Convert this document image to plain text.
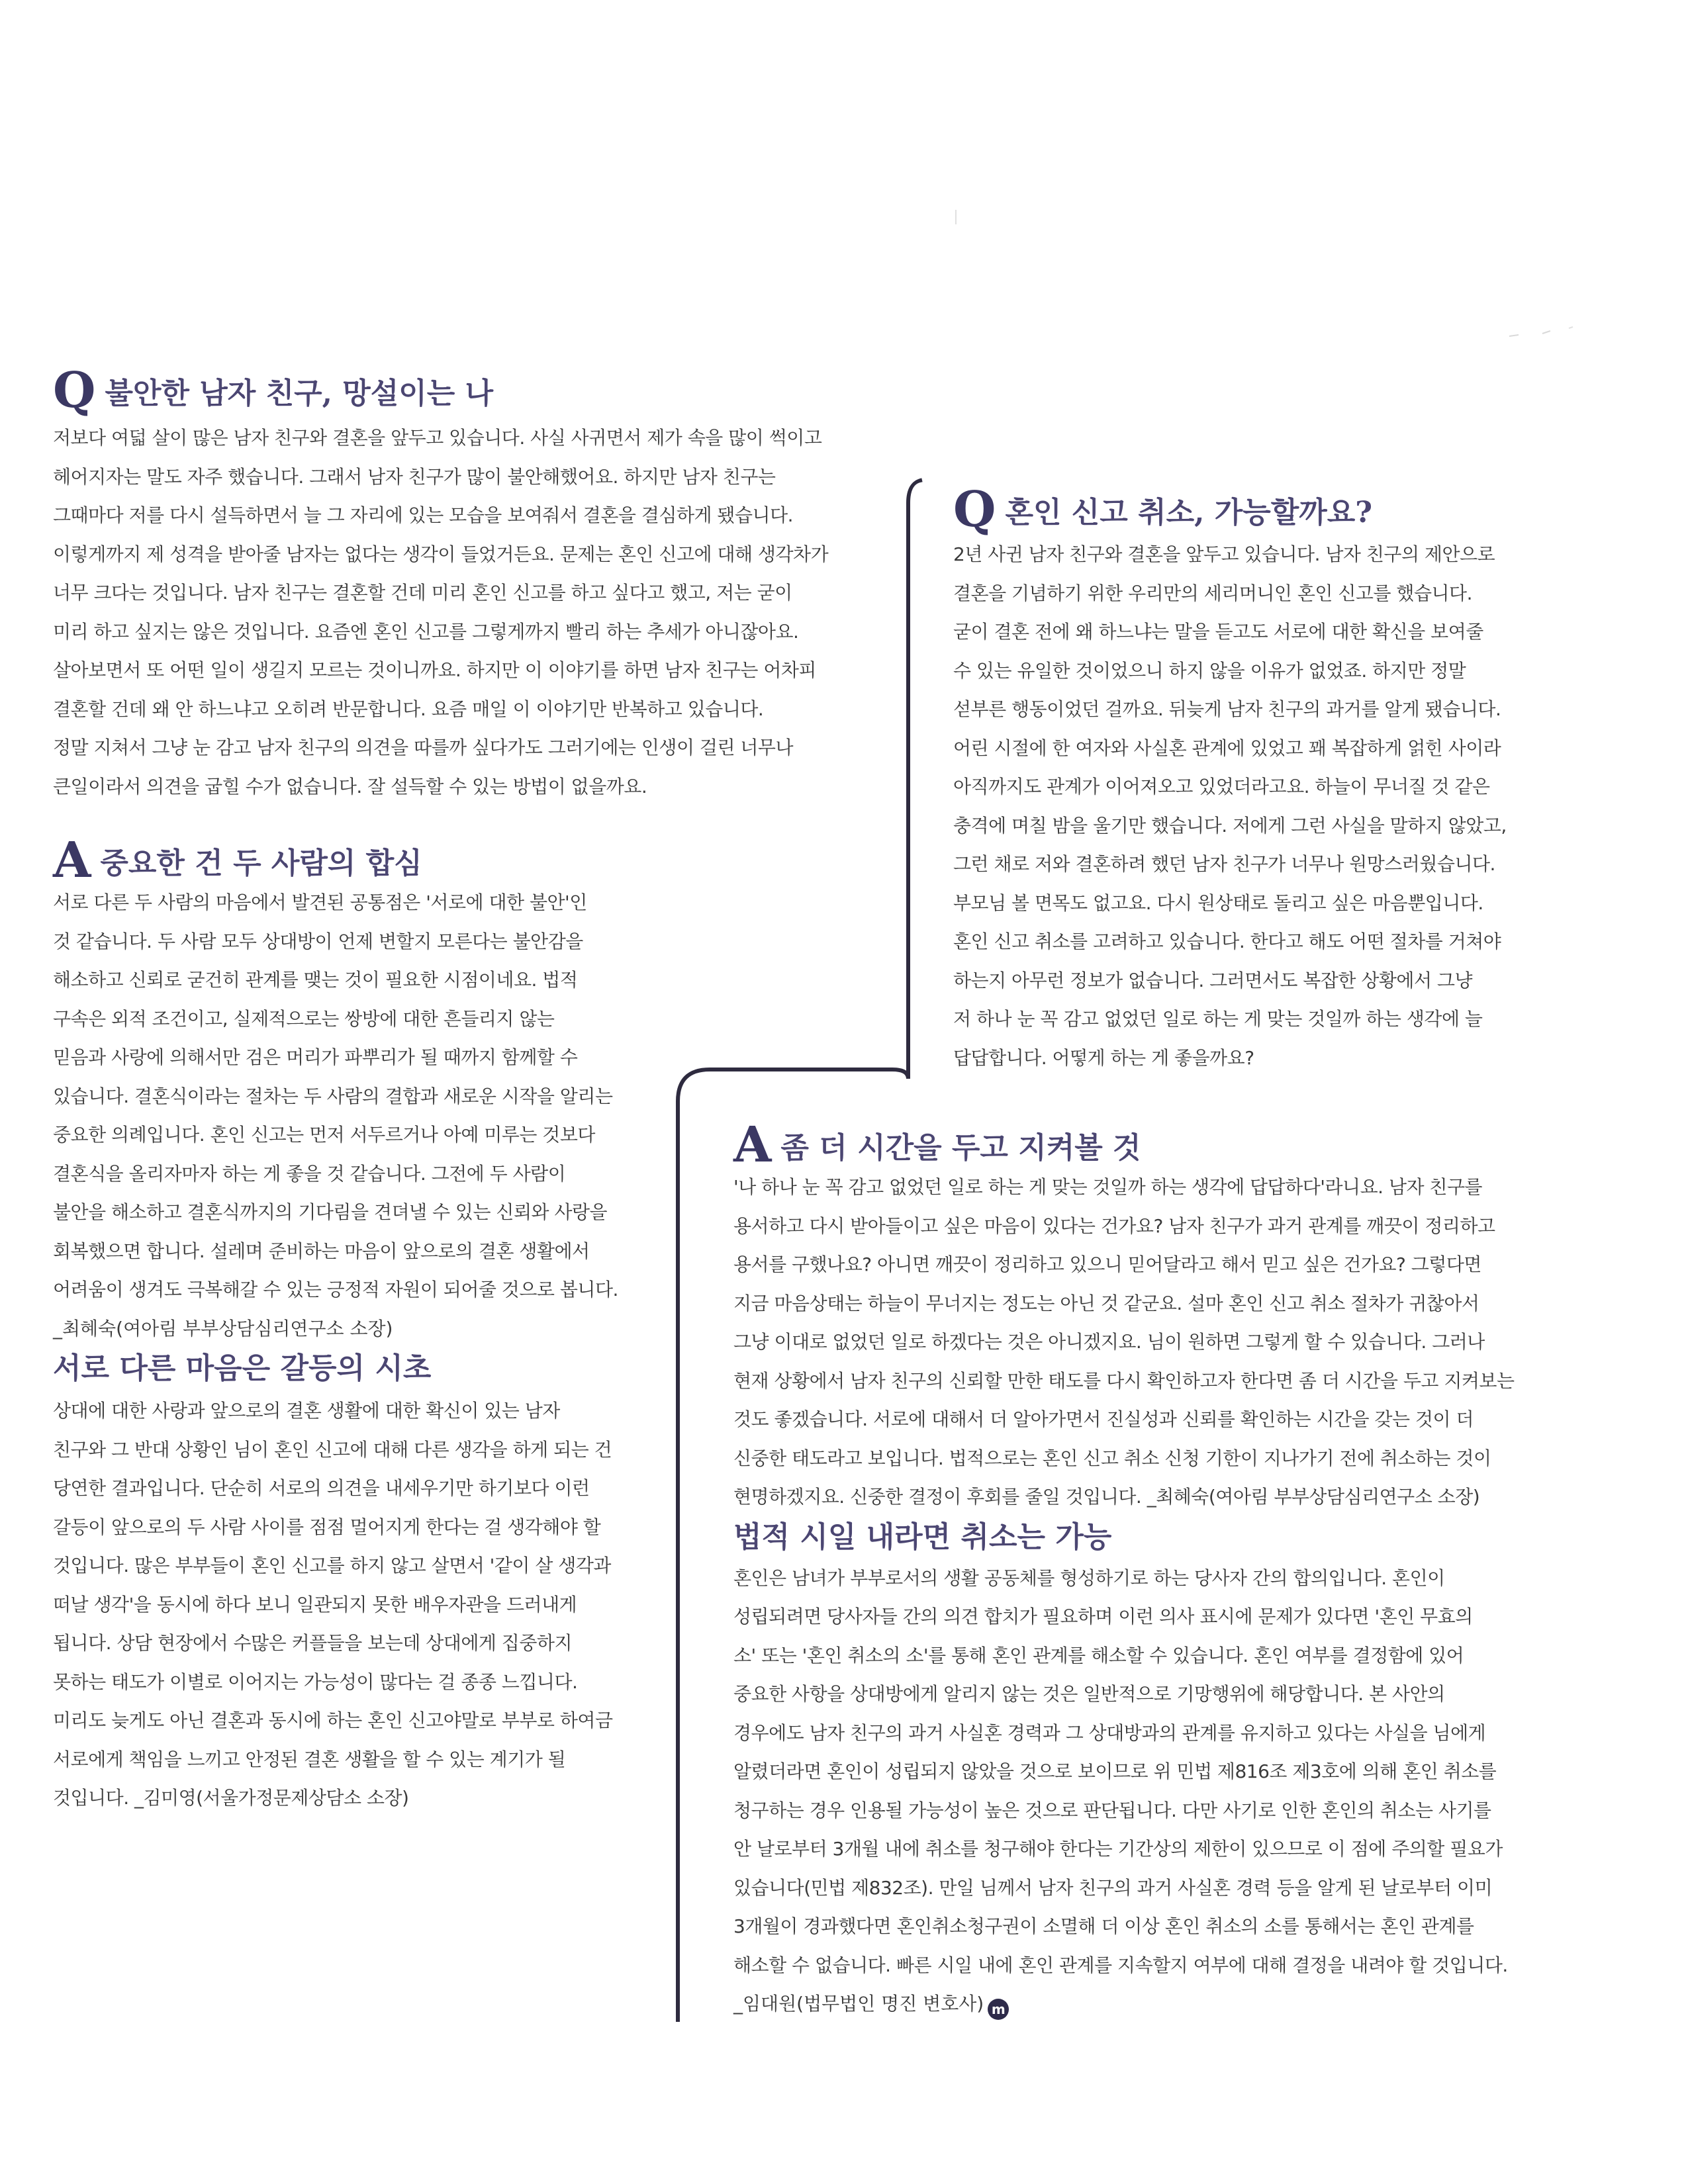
Q불안한 남자 친구, 망설이는 나
저보다 여덟 살이 많은 남자 친구와 결혼을 앞두고 있습니다. 사실 사귀면서 제가 속을 많이 썩이고
헤어지자는 말도 자주 했습니다. 그래서 남자 친구가 많이 불안해했어요. 하지만 남자 친구는
그때마다 저를 다시 설득하면서 늘 그 자리에 있는 모습을 보여줘서 결혼을 결심하게 됐습니다.
이렇게까지 제 성격을 받아줄 남자는 없다는 생각이 들었거든요. 문제는 혼인 신고에 대해 생각차가
너무 크다는 것입니다. 남자 친구는 결혼할 건데 미리 혼인 신고를 하고 싶다고 했고, 저는 굳이
미리 하고 싶지는 않은 것입니다. 요즘엔 혼인 신고를 그렇게까지 빨리 하는 추세가 아니잖아요.
살아보면서 또 어떤 일이 생길지 모르는 것이니까요. 하지만 이 이야기를 하면 남자 친구는 어차피
결혼할 건데 왜 안 하느냐고 오히려 반문합니다. 요즘 매일 이 이야기만 반복하고 있습니다.
정말 지쳐서 그냥 눈 감고 남자 친구의 의견을 따를까 싶다가도 그러기에는 인생이 걸린 너무나
큰일이라서 의견을 굽힐 수가 없습니다. 잘 설득할 수 있는 방법이 없을까요.
A중요한 건 두 사람의 합심
서로 다른 두 사람의 마음에서 발견된 공통점은 '서로에 대한 불안'인
것 같습니다. 두 사람 모두 상대방이 언제 변할지 모른다는 불안감을
해소하고 신뢰로 굳건히 관계를 맺는 것이 필요한 시점이네요. 법적
구속은 외적 조건이고, 실제적으로는 쌍방에 대한 흔들리지 않는
믿음과 사랑에 의해서만 검은 머리가 파뿌리가 될 때까지 함께할 수
있습니다. 결혼식이라는 절차는 두 사람의 결합과 새로운 시작을 알리는
중요한 의례입니다. 혼인 신고는 먼저 서두르거나 아예 미루는 것보다
결혼식을 올리자마자 하는 게 좋을 것 같습니다. 그전에 두 사람이
불안을 해소하고 결혼식까지의 기다림을 견뎌낼 수 있는 신뢰와 사랑을
회복했으면 합니다. 설레며 준비하는 마음이 앞으로의 결혼 생활에서
어려움이 생겨도 극복해갈 수 있는 긍정적 자원이 되어줄 것으로 봅니다.
_최혜숙(여아림 부부상담심리연구소 소장)
서로 다른 마음은 갈등의 시초
상대에 대한 사랑과 앞으로의 결혼 생활에 대한 확신이 있는 남자
친구와 그 반대 상황인 님이 혼인 신고에 대해 다른 생각을 하게 되는 건
당연한 결과입니다. 단순히 서로의 의견을 내세우기만 하기보다 이런
갈등이 앞으로의 두 사람 사이를 점점 멀어지게 한다는 걸 생각해야 할
것입니다. 많은 부부들이 혼인 신고를 하지 않고 살면서 '같이 살 생각과
떠날 생각'을 동시에 하다 보니 일관되지 못한 배우자관을 드러내게
됩니다. 상담 현장에서 수많은 커플들을 보는데 상대에게 집중하지
못하는 태도가 이별로 이어지는 가능성이 많다는 걸 종종 느낍니다.
미리도 늦게도 아닌 결혼과 동시에 하는 혼인 신고야말로 부부로 하여금
서로에게 책임을 느끼고 안정된 결혼 생활을 할 수 있는 계기가 될
것입니다. _김미영(서울가정문제상담소 소장)
Q혼인 신고 취소, 가능할까요?
2년 사귄 남자 친구와 결혼을 앞두고 있습니다. 남자 친구의 제안으로
결혼을 기념하기 위한 우리만의 세리머니인 혼인 신고를 했습니다.
굳이 결혼 전에 왜 하느냐는 말을 듣고도 서로에 대한 확신을 보여줄
수 있는 유일한 것이었으니 하지 않을 이유가 없었죠. 하지만 정말
섣부른 행동이었던 걸까요. 뒤늦게 남자 친구의 과거를 알게 됐습니다.
어린 시절에 한 여자와 사실혼 관계에 있었고 꽤 복잡하게 얽힌 사이라
아직까지도 관계가 이어져오고 있었더라고요. 하늘이 무너질 것 같은
충격에 며칠 밤을 울기만 했습니다. 저에게 그런 사실을 말하지 않았고,
그런 채로 저와 결혼하려 했던 남자 친구가 너무나 원망스러웠습니다.
부모님 볼 면목도 없고요. 다시 원상태로 돌리고 싶은 마음뿐입니다.
혼인 신고 취소를 고려하고 있습니다. 한다고 해도 어떤 절차를 거쳐야
하는지 아무런 정보가 없습니다. 그러면서도 복잡한 상황에서 그냥
저 하나 눈 꼭 감고 없었던 일로 하는 게 맞는 것일까 하는 생각에 늘
답답합니다. 어떻게 하는 게 좋을까요?
A좀 더 시간을 두고 지켜볼 것
'나 하나 눈 꼭 감고 없었던 일로 하는 게 맞는 것일까 하는 생각에 답답하다'라니요. 남자 친구를
용서하고 다시 받아들이고 싶은 마음이 있다는 건가요? 남자 친구가 과거 관계를 깨끗이 정리하고
용서를 구했나요? 아니면 깨끗이 정리하고 있으니 믿어달라고 해서 믿고 싶은 건가요? 그렇다면
지금 마음상태는 하늘이 무너지는 정도는 아닌 것 같군요. 설마 혼인 신고 취소 절차가 귀찮아서
그냥 이대로 없었던 일로 하겠다는 것은 아니겠지요. 님이 원하면 그렇게 할 수 있습니다. 그러나
현재 상황에서 남자 친구의 신뢰할 만한 태도를 다시 확인하고자 한다면 좀 더 시간을 두고 지켜보는
것도 좋겠습니다. 서로에 대해서 더 알아가면서 진실성과 신뢰를 확인하는 시간을 갖는 것이 더
신중한 태도라고 보입니다. 법적으로는 혼인 신고 취소 신청 기한이 지나가기 전에 취소하는 것이
현명하겠지요. 신중한 결정이 후회를 줄일 것입니다. _최혜숙(여아림 부부상담심리연구소 소장)
법적 시일 내라면 취소는 가능
혼인은 남녀가 부부로서의 생활 공동체를 형성하기로 하는 당사자 간의 합의입니다. 혼인이
성립되려면 당사자들 간의 의견 합치가 필요하며 이런 의사 표시에 문제가 있다면 '혼인 무효의
소' 또는 '혼인 취소의 소'를 통해 혼인 관계를 해소할 수 있습니다. 혼인 여부를 결정함에 있어
중요한 사항을 상대방에게 알리지 않는 것은 일반적으로 기망행위에 해당합니다. 본 사안의
경우에도 남자 친구의 과거 사실혼 경력과 그 상대방과의 관계를 유지하고 있다는 사실을 님에게
알렸더라면 혼인이 성립되지 않았을 것으로 보이므로 위 민법 제816조 제3호에 의해 혼인 취소를
청구하는 경우 인용될 가능성이 높은 것으로 판단됩니다. 다만 사기로 인한 혼인의 취소는 사기를
안 날로부터 3개월 내에 취소를 청구해야 한다는 기간상의 제한이 있으므로 이 점에 주의할 필요가
있습니다(민법 제832조). 만일 님께서 남자 친구의 과거 사실혼 경력 등을 알게 된 날로부터 이미
3개월이 경과했다면 혼인취소청구권이 소멸해 더 이상 혼인 취소의 소를 통해서는 혼인 관계를
해소할 수 없습니다. 빠른 시일 내에 혼인 관계를 지속할지 여부에 대해 결정을 내려야 할 것입니다.
_임대원(법무법인 명진 변호사) m
